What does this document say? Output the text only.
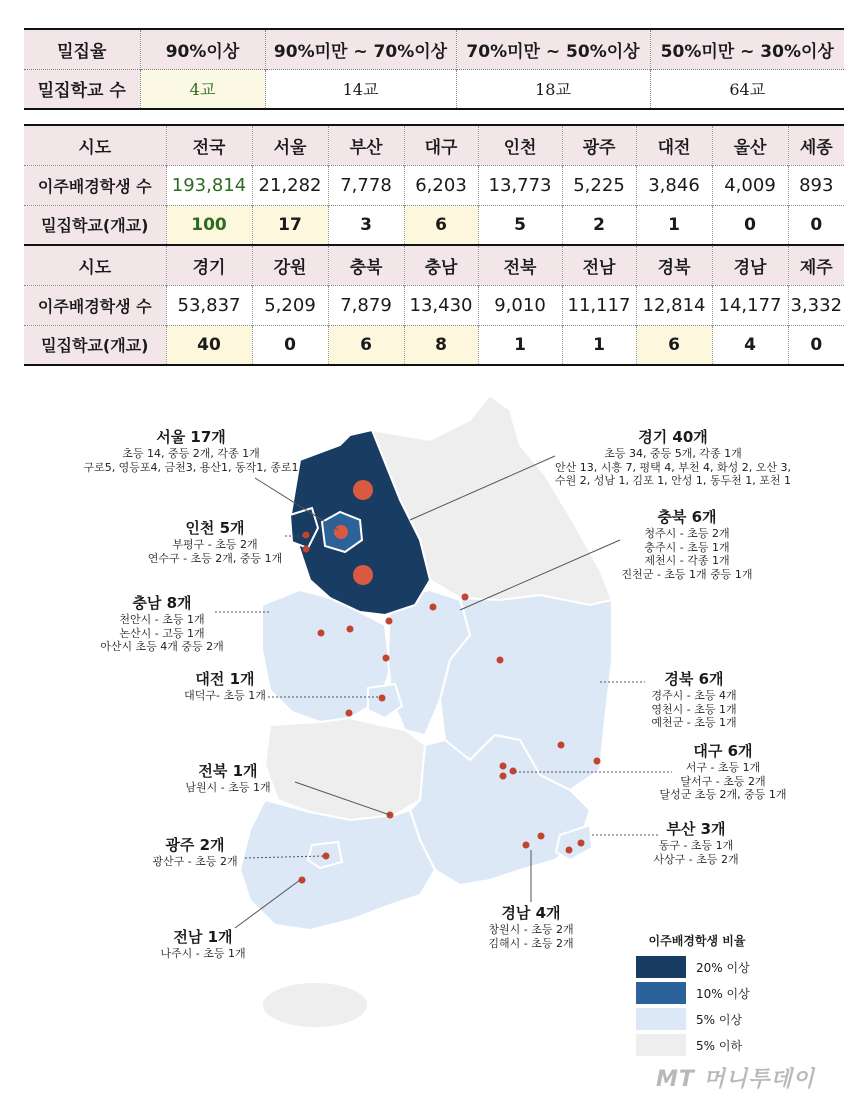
밀집율	90%이상	90%미만 ~ 70%이상	70%미만 ~ 50%이상	50%미만 ~ 30%이상
밀집학교 수	4교	14교	18교	64교
시도	전국	서울	부산	대구	인천	광주	대전	울산	세종
이주배경학생 수	193,814	21,282	7,778	6,203	13,773	5,225	3,846	4,009	893
밀집학교(개교)	100	17	3	6	5	2	1	0	0
시도	경기	강원	충북	충남	전북	전남	경북	경남	제주
이주배경학생 수	53,837	5,209	7,879	13,430	9,010	11,117	12,814	14,177	3,332
밀집학교(개교)	40	0	6	8	1	1	6	4	0
서울 17개
초등 14, 중등 2개, 각종 1개
구로5, 영등포4, 금천3, 용산1, 동작1, 종로1
경기 40개
초등 34, 중등 5개, 각종 1개
안산 13, 시흥 7, 평택 4, 부천 4, 화성 2, 오산 3,
수원 2, 성남 1, 김포 1, 안성 1, 동두천 1, 포천 1
인천 5개
부평구 - 초등 2개
연수구 - 초등 2개, 중등 1개
충북 6개
청주시 - 초등 2개
충주시 - 초등 1개
제천시 - 각종 1개
진천군 - 초등 1개 중등 1개
충남 8개
천안시 - 초등 1개
논산시 - 고등 1개
아산시 초등 4개 중등 2개
대전 1개
대덕구- 초등 1개
경북 6개
경주시 - 초등 4개
영천시 - 초등 1개
예천군 - 초등 1개
대구 6개
서구 - 초등 1개
달서구 - 초등 2개
달성군 초등 2개, 중등 1개
전북 1개
남원시 - 초등 1개
부산 3개
동구 - 초등 1개
사상구 - 초등 2개
광주 2개
광산구 - 초등 2개
경남 4개
창원시 - 초등 2개
김해시 - 초등 2개
전남 1개
나주시 - 초등 1개
이주배경학생 비율
20% 이상
10% 이상
5% 이상
5% 이하
MT 머니투데이
